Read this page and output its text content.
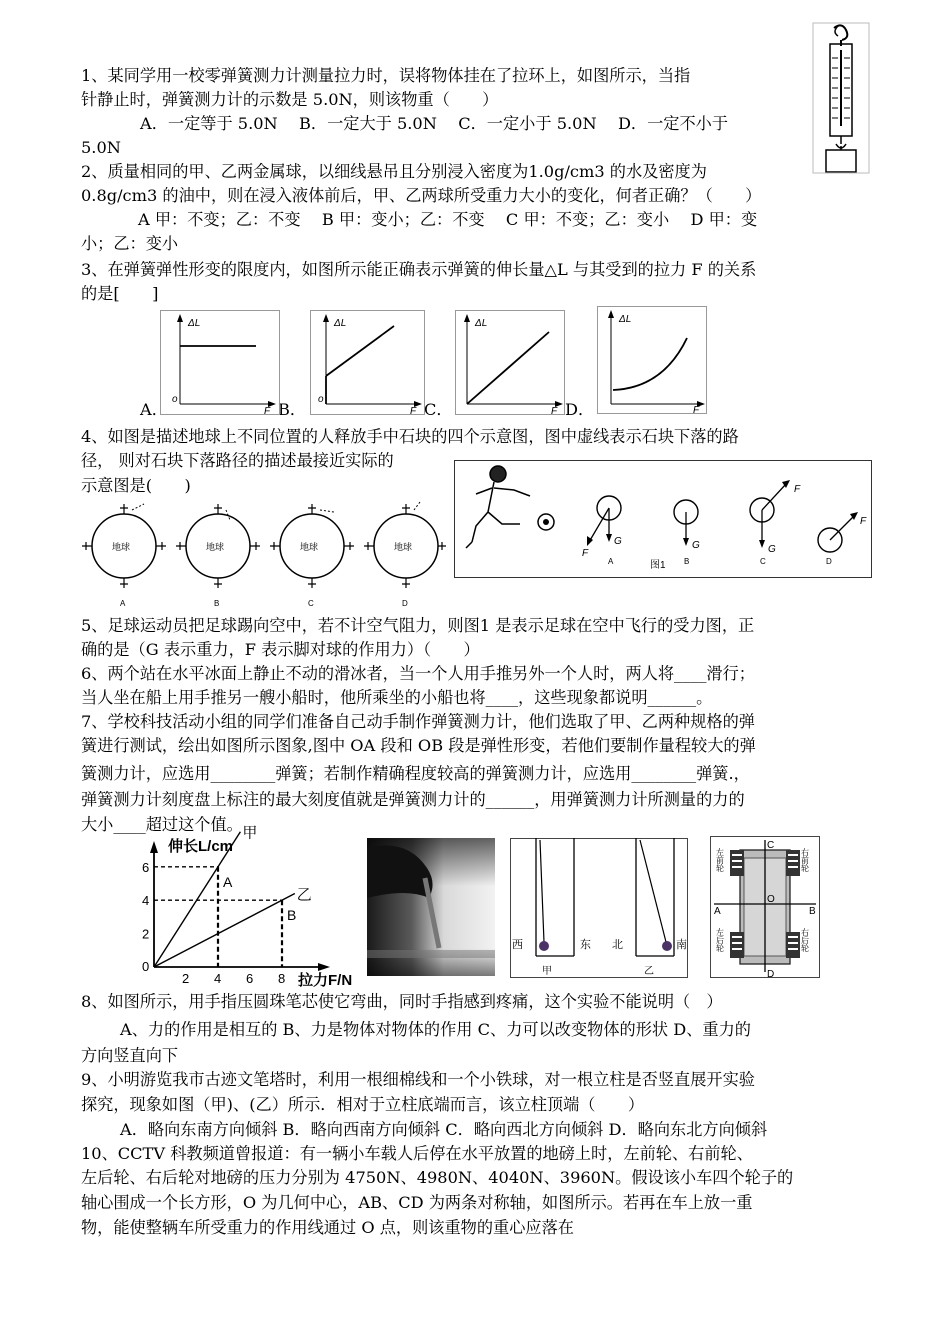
1、某同学用一校零弹簧测力计测量拉力时，误将物体挂在了拉环上，如图所示，当指
针静止时，弹簧测力计的示数是 5.0N，则该物重（　　）
A．一定等于 5.0N　 B．一定大于 5.0N　 C．一定小于 5.0N　 D．一定不小于
5.0N
2、质量相同的甲、乙两金属球，以细线悬吊且分别浸入密度为1.0g/cm3 的水及密度为
0.8g/cm3 的油中，则在浸入液体前后，甲、乙两球所受重力大小的变化，何者正确？（　　）
A 甲：不变；乙：不变　 B 甲：变小；乙：不变　 C 甲：不变；乙：变小　 D 甲：变
小；乙：变小
3、在弹簧弹性形变的限度内，如图所示能正确表示弹簧的伸长量△L 与其受到的拉力 F 的关系
的是[　　]
A．	B．	C．	D．
ΔL
F
o
ΔL
F
o
ΔL
F
ΔL
F
4、如图是描述地球上不同位置的人释放手中石块的四个示意图，图中虚线表示石块下落的路
径， 则对石块下落路径的描述最接近实际的
示意图是(　　)
地球
A
地球
B
地球
C
地球
D
G
F
A
G
B
G
F
C
F
D
图1
5、足球运动员把足球踢向空中，若不计空气阻力，则图1 是表示足球在空中飞行的受力图，正
确的是（G 表示重力，F 表示脚对球的作用力）（　　）
6、两个站在水平冰面上静止不动的滑冰者，当一个人用手推另外一个人时，两人将____滑行；
当人坐在船上用手推另一艘小船时，他所乘坐的小船也将____，这些现象都说明______。
7、学校科技活动小组的同学们准备自己动手制作弹簧测力计，他们选取了甲、乙两种规格的弹
簧进行测试，绘出如图所示图象,图中 OA 段和 OB 段是弹性形变，若他们要制作量程较大的弹
簧测力计，应选用________弹簧；若制作精确程度较高的弹簧测力计，应选用________弹簧.，
弹簧测力计刻度盘上标注的最大刻度值就是弹簧测力计的______，用弹簧测力计所测量的力的
大小____超过这个值。
伸长L/cm
拉力F/N
0
2 4 6 8
2
4
6
甲
A
乙
B
西	东
甲
北	南
乙
C
D
A	B
O
左前轮	右前轮
左后轮	右后轮
8、如图所示，用手指压圆珠笔芯使它弯曲，同时手指感到疼痛，这个实验不能说明（　）
A、力的作用是相互的 B、力是物体对物体的作用 C、力可以改变物体的形状 D、重力的
方向竖直向下
9、小明游览我市古迹文笔塔时，利用一根细棉线和一个小铁球，对一根立柱是否竖直展开实验
探究，现象如图（甲)、(乙）所示．相对于立柱底端而言，该立柱顶端（　　）
A．略向东南方向倾斜 B．略向西南方向倾斜 C．略向西北方向倾斜 D．略向东北方向倾斜
10、CCTV 科教频道曾报道：有一辆小车载人后停在水平放置的地磅上时，左前轮、右前轮、
左后轮、右后轮对地磅的压力分别为 4750N、4980N、4040N、3960N。假设该小车四个轮子的
轴心围成一个长方形，O 为几何中心，AB、CD 为两条对称轴，如图所示。若再在车上放一重
物，能使整辆车所受重力的作用线通过 O 点，则该重物的重心应落在
